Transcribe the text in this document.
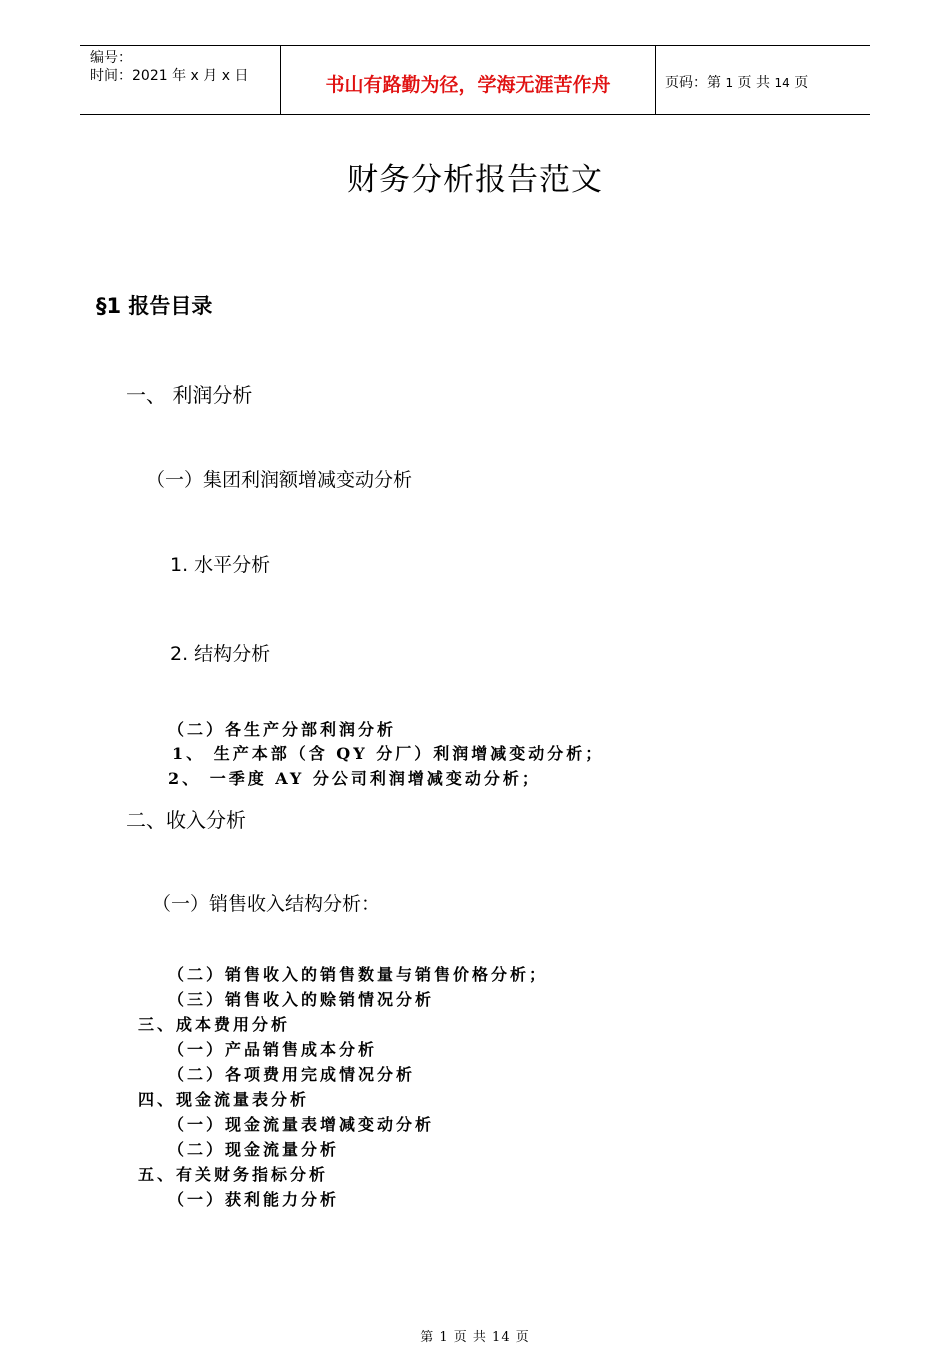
编号：
时间：2021 年 x 月 x 日	书山有路勤为径，学海无涯苦作舟	页码：第 1 页 共 14 页
财务分析报告范文
§1 报告目录
一、 利润分析
（一）集团利润额增减变动分析
1. 水平分析
2. 结构分析
（二）各生产分部利润分析
1、 生产本部（含 QY 分厂）利润增减变动分析；
2、 一季度 AY 分公司利润增减变动分析；
二、收入分析
（一）销售收入结构分析：
（二）销售收入的销售数量与销售价格分析；
（三）销售收入的赊销情况分析
三、成本费用分析
（一）产品销售成本分析
（二）各项费用完成情况分析
四、现金流量表分析
（一）现金流量表增减变动分析
（二）现金流量分析
五、有关财务指标分析
（一）获利能力分析
第 1 页 共 14 页
